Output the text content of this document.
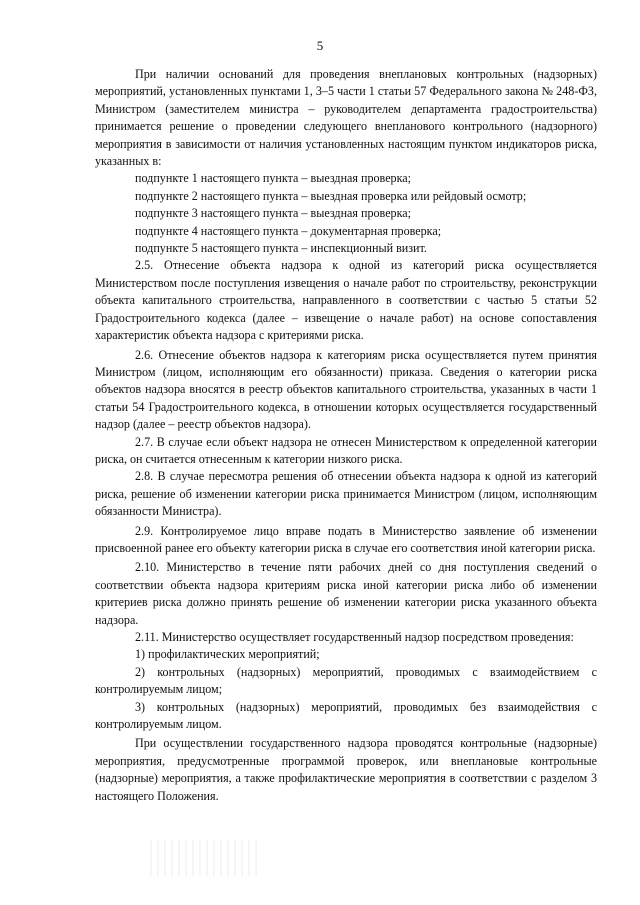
5

При наличии оснований для проведения внеплановых контрольных (надзорных) мероприятий, установленных пунктами 1, 3–5 части 1 статьи 57 Федерального закона № 248-ФЗ, Министром (заместителем министра – руководителем департамента градостроительства) принимается решение о проведении следующего внепланового контрольного (надзорного) мероприятия в зависимости от наличия установленных настоящим пунктом индикаторов риска, указанных в:

подпункте 1 настоящего пункта – выездная проверка;

подпункте 2 настоящего пункта – выездная проверка или рейдовый осмотр;

подпункте 3 настоящего пункта – выездная проверка;

подпункте 4 настоящего пункта – документарная проверка;

подпункте 5 настоящего пункта – инспекционный визит.

2.5. Отнесение объекта надзора к одной из категорий риска осуществляется Министерством после поступления извещения о начале работ по строительству, реконструкции объекта капитального строительства, направленного в соответствии с частью 5 статьи 52 Градостроительного кодекса (далее – извещение о начале работ) на основе сопоставления характеристик объекта надзора с критериями риска.

2.6. Отнесение объектов надзора к категориям риска осуществляется путем принятия Министром (лицом, исполняющим его обязанности) приказа. Сведения о категории риска объектов надзора вносятся в реестр объектов капитального строительства, указанных в части 1 статьи 54 Градостроительного кодекса, в отношении которых осуществляется государственный надзор (далее – реестр объектов надзора).

2.7. В случае если объект надзора не отнесен Министерством к определенной категории риска, он считается отнесенным к категории низкого риска.

2.8. В случае пересмотра решения об отнесении объекта надзора к одной из категорий риска, решение об изменении категории риска принимается Министром (лицом, исполняющим обязанности Министра).

2.9. Контролируемое лицо вправе подать в Министерство заявление об изменении присвоенной ранее его объекту категории риска в случае его соответствия иной категории риска.

2.10. Министерство в течение пяти рабочих дней со дня поступления сведений о соответствии объекта надзора критериям риска иной категории риска либо об изменении критериев риска должно принять решение об изменении категории риска указанного объекта надзора.

2.11. Министерство осуществляет государственный надзор посредством проведения:

1) профилактических мероприятий;

2) контрольных (надзорных) мероприятий, проводимых с взаимодействием с контролируемым лицом;

3) контрольных (надзорных) мероприятий, проводимых без взаимодействия с контролируемым лицом.

При осуществлении государственного надзора проводятся контрольные (надзорные) мероприятия, предусмотренные программой проверок, или внеплановые контрольные (надзорные) мероприятия, а также профилактические мероприятия в соответствии с разделом 3 настоящего Положения.
